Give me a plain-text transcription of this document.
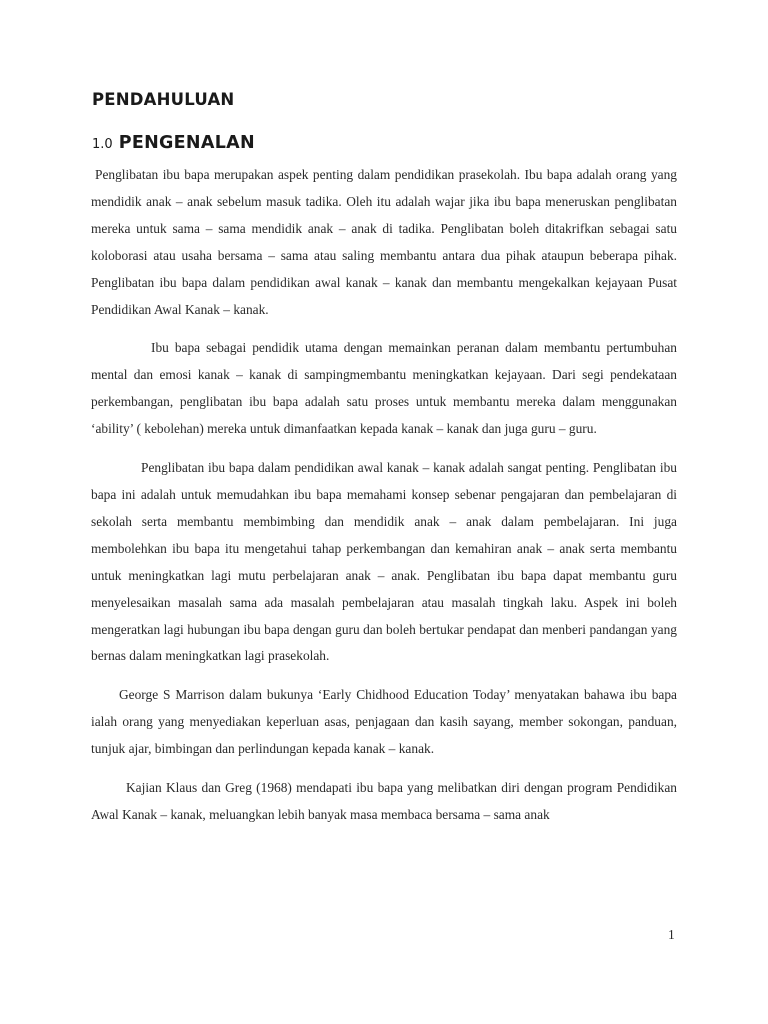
PENDAHULUAN
1.0 PENGENALAN

Penglibatan ibu bapa merupakan aspek penting dalam pendidikan prasekolah. Ibu bapa adalah orang yang mendidik anak – anak sebelum masuk tadika. Oleh itu adalah wajar jika ibu bapa meneruskan penglibatan mereka untuk sama – sama mendidik anak – anak di tadika. Penglibatan boleh ditakrifkan sebagai satu koloborasi atau usaha bersama – sama atau saling membantu antara dua pihak ataupun beberapa pihak. Penglibatan ibu bapa dalam pendidikan awal kanak – kanak dan membantu mengekalkan kejayaan Pusat Pendidikan Awal Kanak – kanak.

Ibu bapa sebagai pendidik utama dengan memainkan peranan dalam membantu pertumbuhan mental dan emosi kanak – kanak di sampingmembantu meningkatkan kejayaan. Dari segi pendekataan perkembangan, penglibatan ibu bapa adalah satu proses untuk membantu mereka dalam menggunakan ‘ability’ ( kebolehan) mereka untuk dimanfaatkan kepada kanak – kanak dan juga guru – guru.

Penglibatan ibu bapa dalam pendidikan awal kanak – kanak adalah sangat penting. Penglibatan ibu bapa ini adalah untuk memudahkan ibu bapa memahami konsep sebenar pengajaran dan pembelajaran di sekolah serta membantu membimbing dan mendidik anak – anak dalam pembelajaran. Ini juga membolehkan ibu bapa itu mengetahui tahap perkembangan dan kemahiran anak – anak serta membantu untuk meningkatkan lagi mutu perbelajaran anak – anak. Penglibatan ibu bapa dapat membantu guru menyelesaikan masalah sama ada masalah pembelajaran atau masalah tingkah laku. Aspek ini boleh mengeratkan lagi hubungan ibu bapa dengan guru dan boleh bertukar pendapat dan menberi pandangan yang bernas dalam meningkatkan lagi prasekolah.

George S Marrison dalam bukunya ‘Early Chidhood Education Today’ menyatakan bahawa ibu bapa ialah orang yang menyediakan keperluan asas, penjagaan dan kasih sayang, member sokongan, panduan, tunjuk ajar, bimbingan dan perlindungan kepada kanak – kanak.

Kajian Klaus dan Greg (1968) mendapati ibu bapa yang melibatkan diri dengan program Pendidikan Awal Kanak – kanak, meluangkan lebih banyak masa membaca bersama – sama anak

1
